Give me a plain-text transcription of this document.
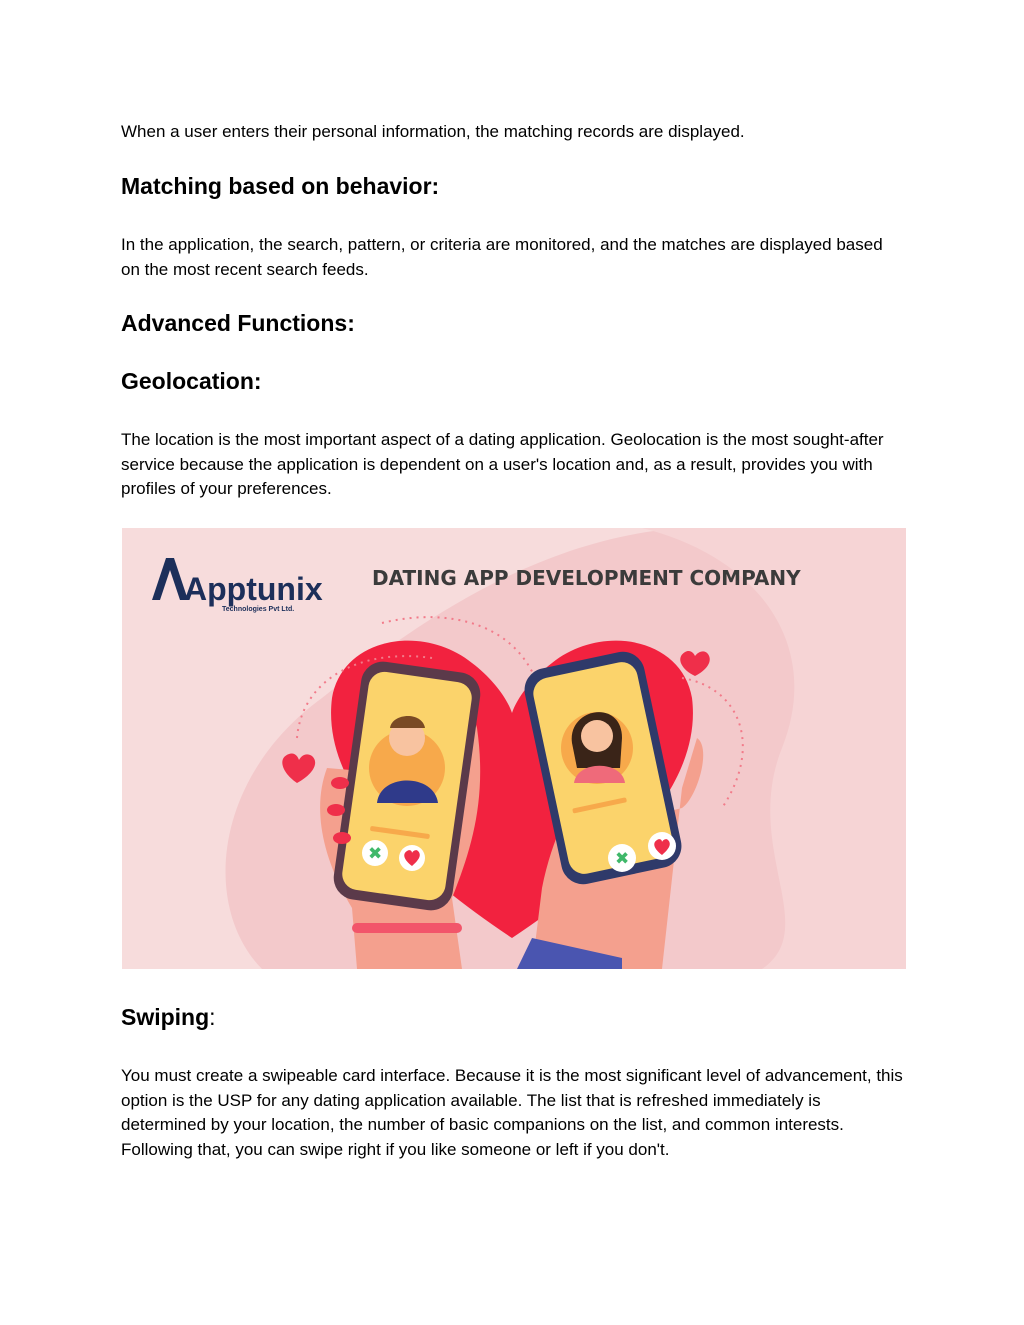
When a user enters their personal information, the matching records are displayed.

Matching based on behavior:

In the application, the search, pattern, or criteria are monitored, and the matches are displayed based on the most recent search feeds.

Advanced Functions:
Geolocation:

The location is the most important aspect of a dating application. Geolocation is the most sought-after service because the application is dependent on a user's location and, as a result, provides you with profiles of your preferences.

Apptunix
Technologies Pvt Ltd.
DATING APP DEVELOPMENT COMPANY
✖	✖
Swiping:

You must create a swipeable card interface. Because it is the most significant level of advancement, this option is the USP for any dating application available. The list that is refreshed immediately is determined by your location, the number of basic companions on the list, and common interests. Following that, you can swipe right if you like someone or left if you don't.
